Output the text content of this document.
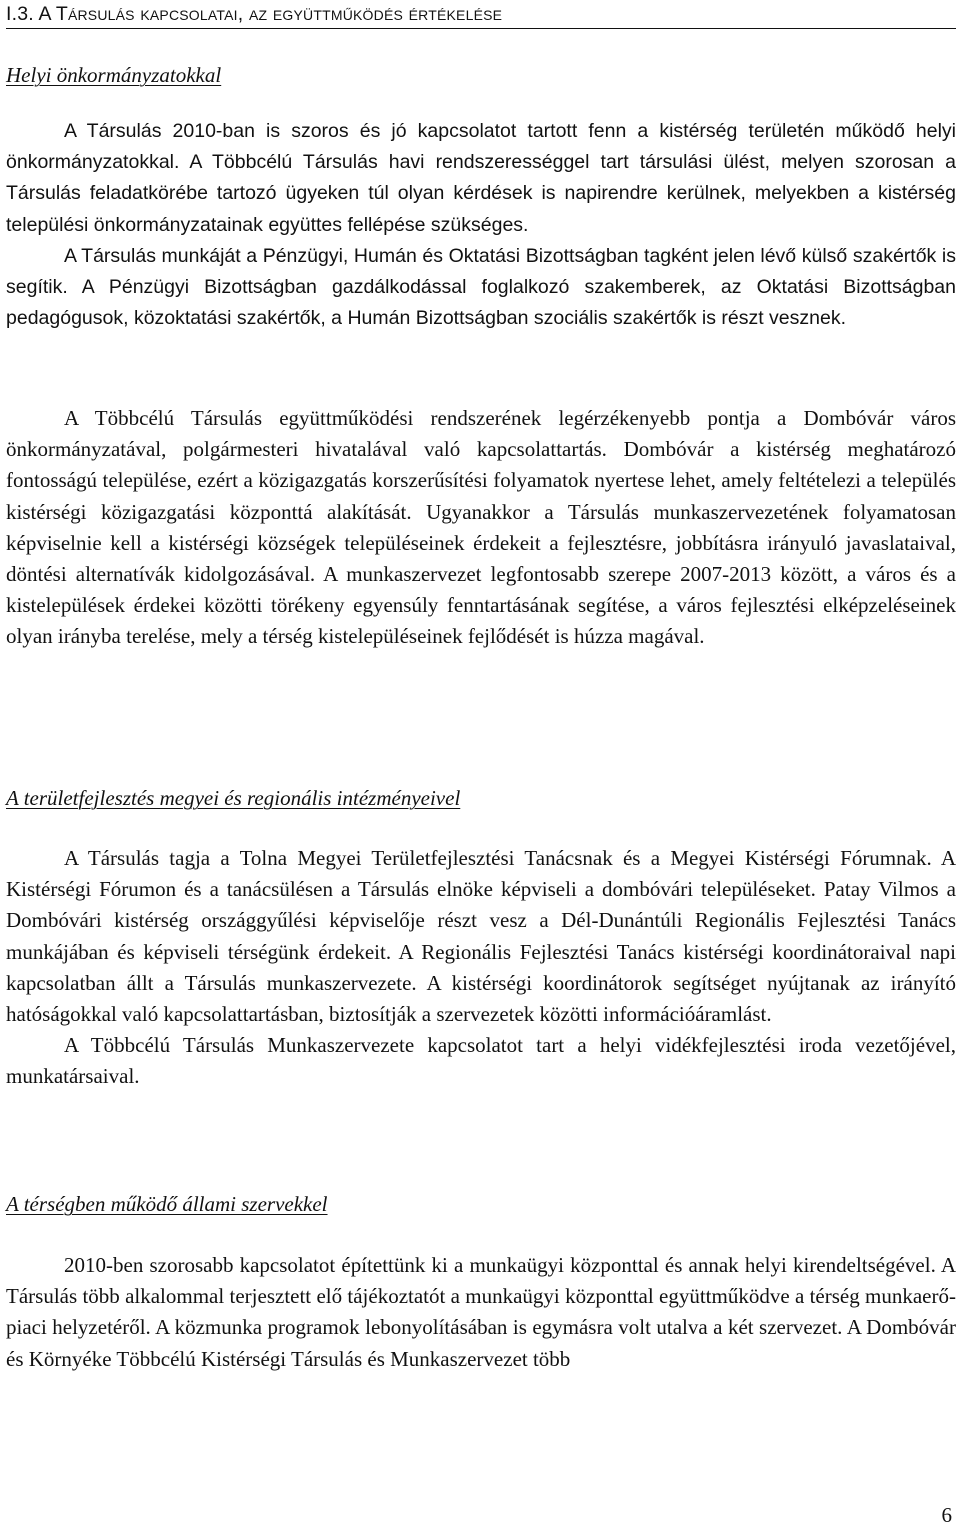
I.3. A Társulás kapcsolatai, az együttműködés értékelése
Helyi önkormányzatokkal

A Társulás 2010-ban is szoros és jó kapcsolatot tartott fenn a kistérség területén működő helyi önkormányzatokkal. A Többcélú Társulás havi rendszerességgel tart társulási ülést, melyen szorosan a Társulás feladatkörébe tartozó ügyeken túl olyan kérdések is napirendre kerülnek, melyekben a kistérség települési önkormányzatainak együttes fellépése szükséges.

A Társulás munkáját a Pénzügyi, Humán és Oktatási Bizottságban tagként jelen lévő külső szakértők is segítik. A Pénzügyi Bizottságban gazdálkodással foglalkozó szakemberek, az Oktatási Bizottságban pedagógusok, közoktatási szakértők, a Humán Bizottságban szociális szakértők is részt vesznek.

A Többcélú Társulás együttműködési rendszerének legérzékenyebb pontja a Dombóvár város önkormányzatával, polgármesteri hivatalával való kapcsolattartás. Dombóvár a kistérség meghatározó fontosságú települése, ezért a közigazgatás korszerűsítési folyamatok nyertese lehet, amely feltételezi a település kistérségi közigazgatási központtá alakítását. Ugyanakkor a Társulás munkaszervezetének folyamatosan képviselnie kell a kistérségi községek településeinek érdekeit a fejlesztésre, jobbításra irányuló javaslataival, döntési alternatívák kidolgozásával. A munkaszervezet legfontosabb szerepe 2007-2013 között, a város és a kistelepülések érdekei közötti törékeny egyensúly fenntartásának segítése, a város fejlesztési elképzeléseinek olyan irányba terelése, mely a térség kistelepüléseinek fejlődését is húzza magával.

A területfejlesztés megyei és regionális intézményeivel

A Társulás tagja a Tolna Megyei Területfejlesztési Tanácsnak és a Megyei Kistérségi Fórumnak. A Kistérségi Fórumon és a tanácsülésen a Társulás elnöke képviseli a dombóvári településeket. Patay Vilmos a Dombóvári kistérség országgyűlési képviselője részt vesz a Dél-Dunántúli Regionális Fejlesztési Tanács munkájában és képviseli térségünk érdekeit. A Regionális Fejlesztési Tanács kistérségi koordinátoraival napi kapcsolatban állt a Társulás munkaszervezete. A kistérségi koordinátorok segítséget nyújtanak az irányító hatóságokkal való kapcsolattartásban, biztosítják a szervezetek közötti információáramlást.

A Többcélú Társulás Munkaszervezete kapcsolatot tart a helyi vidékfejlesztési iroda vezetőjével, munkatársaival.

A térségben működő állami szervekkel

2010-ben szorosabb kapcsolatot építettünk ki a munkaügyi központtal és annak helyi kirendeltségével. A Társulás több alkalommal terjesztett elő tájékoztatót a munkaügyi központtal együttműködve a térség munkaerő-piaci helyzetéről. A közmunka programok lebonyolításában is egymásra volt utalva a két szervezet. A Dombóvár és Környéke Többcélú Kistérségi Társulás és Munkaszervezet több

6
